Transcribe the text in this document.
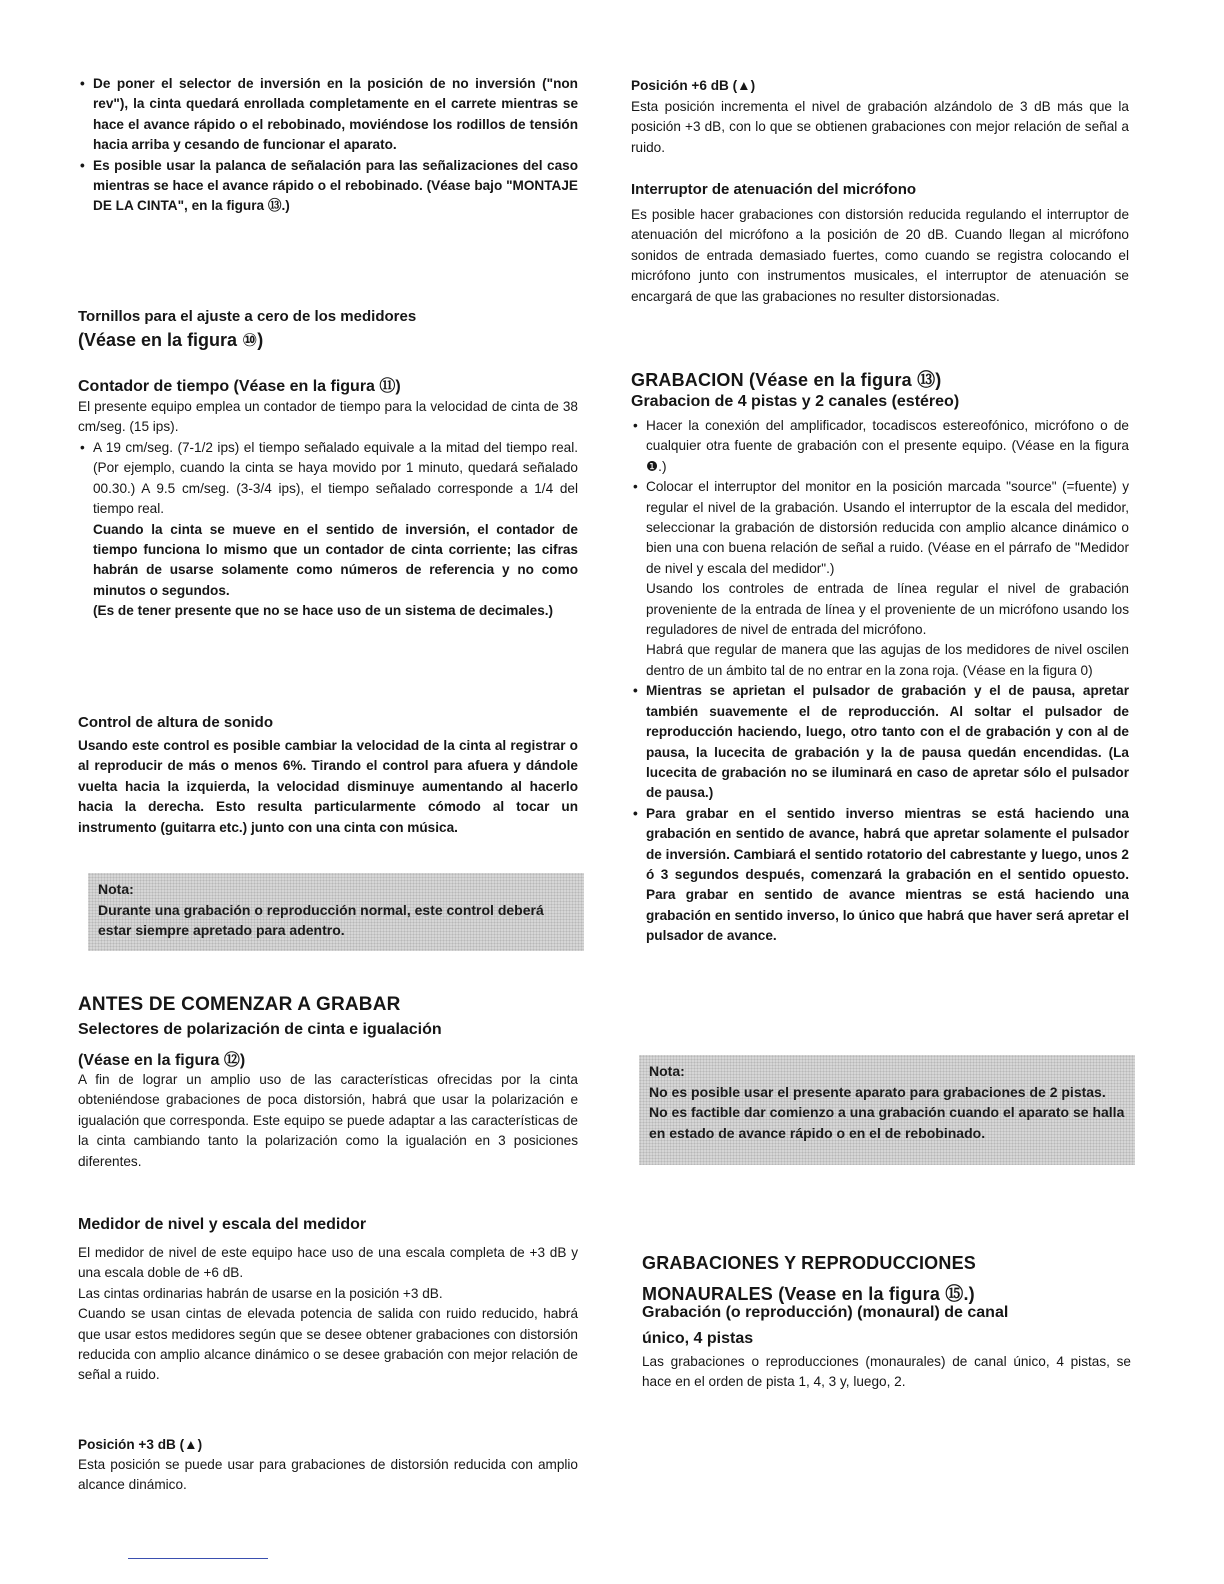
• De poner el selector de inversión en la posición de no inversión ("non rev"), la cinta quedará enrollada completamente en el carrete mientras se hace el avance rápido o el rebobinado, moviéndose los rodillos de tensión hacia arriba y cesando de funcionar el aparato.
• Es posible usar la palanca de señalación para las señalizaciones del caso mientras se hace el avance rápido o el rebobinado. (Véase bajo "MONTAJE DE LA CINTA", en la figura ⑬.)
Tornillos para el ajuste a cero de los medidores
(Véase en la figura ⑩)
Contador de tiempo (Véase en la figura ⑪)

El presente equipo emplea un contador de tiempo para la velocidad de cinta de 38 cm/seg. (15 ips).

• A 19 cm/seg. (7-1/2 ips) el tiempo señalado equivale a la mitad del tiempo real. (Por ejemplo, cuando la cinta se haya movido por 1 minuto, quedará señalado 00.30.) A 9.5 cm/seg. (3-3/4 ips), el tiempo señalado corresponde a 1/4 del tiempo real.
Cuando la cinta se mueve en el sentido de inversión, el contador de tiempo funciona lo mismo que un contador de cinta corriente; las cifras habrán de usarse solamente como números de referencia y no como minutos o segundos.
(Es de tener presente que no se hace uso de un sistema de decimales.)
Control de altura de sonido

Usando este control es posible cambiar la velocidad de la cinta al registrar o al reproducir de más o menos 6%. Tirando el control para afuera y dándole vuelta hacia la izquierda, la velocidad disminuye aumentando al hacerlo hacia la derecha. Esto resulta particularmente cómodo al tocar un instrumento (guitarra etc.) junto con una cinta con música.

Nota:
Durante una grabación o reproducción normal, este control deberá estar siempre apretado para adentro.
ANTES DE COMENZAR A GRABAR
Selectores de polarización de cinta e igualación
(Véase en la figura ⑫)

A fin de lograr un amplio uso de las características ofrecidas por la cinta obteniéndose grabaciones de poca distorsión, habrá que usar la polarización e igualación que corresponda. Este equipo se puede adaptar a las características de la cinta cambiando tanto la polarización como la igualación en 3 posiciones diferentes.

Medidor de nivel y escala del medidor

El medidor de nivel de este equipo hace uso de una escala completa de +3 dB y una escala doble de +6 dB.
Las cintas ordinarias habrán de usarse en la posición +3 dB.
Cuando se usan cintas de elevada potencia de salida con ruido reducido, habrá que usar estos medidores según que se desee obtener grabaciones con distorsión reducida con amplio alcance dinámico o se desee grabación con mejor relación de señal a ruido.

Posición +3 dB (▲)

Esta posición se puede usar para grabaciones de distorsión reducida con amplio alcance dinámico.

Posición +6 dB (▲)

Esta posición incrementa el nivel de grabación alzándolo de 3 dB más que la posición +3 dB, con lo que se obtienen grabaciones con mejor relación de señal a ruido.

Interruptor de atenuación del micrófono

Es posible hacer grabaciones con distorsión reducida regulando el interruptor de atenuación del micrófono a la posición de 20 dB. Cuando llegan al micrófono sonidos de entrada demasiado fuertes, como cuando se registra colocando el micrófono junto con instrumentos musicales, el interruptor de atenuación se encargará de que las grabaciones no resulter distorsionadas.

GRABACION (Véase en la figura ⑬)
Grabacion de 4 pistas y 2 canales (estéreo)
• Hacer la conexión del amplificador, tocadiscos estereofónico, micrófono o de cualquier otra fuente de grabación con el presente equipo. (Véase en la figura ❶.)
• Colocar el interruptor del monitor en la posición marcada "source" (=fuente) y regular el nivel de la grabación. Usando el interruptor de la escala del medidor, seleccionar la grabación de distorsión reducida con amplio alcance dinámico o bien una con buena relación de señal a ruido. (Véase en el párrafo de "Medidor de nivel y escala del medidor".)
Usando los controles de entrada de línea regular el nivel de grabación proveniente de la entrada de línea y el proveniente de un micrófono usando los reguladores de nivel de entrada del micrófono.
Habrá que regular de manera que las agujas de los medidores de nivel oscilen dentro de un ámbito tal de no entrar en la zona roja. (Véase en la figura 0)
• Mientras se aprietan el pulsador de grabación y el de pausa, apretar también suavemente el de reproducción. Al soltar el pulsador de reproducción haciendo, luego, otro tanto con el de grabación y con al de pausa, la lucecita de grabación y la de pausa quedán encendidas. (La lucecita de grabación no se iluminará en caso de apretar sólo el pulsador de pausa.)
• Para grabar en el sentido inverso mientras se está haciendo una grabación en sentido de avance, habrá que apretar solamente el pulsador de inversión. Cambiará el sentido rotatorio del cabrestante y luego, unos 2 ó 3 segundos después, comenzará la grabación en el sentido opuesto. Para grabar en sentido de avance mientras se está haciendo una grabación en sentido inverso, lo único que habrá que haver será apretar el pulsador de avance.
Nota:
No es posible usar el presente aparato para grabaciones de 2 pistas. No es factible dar comienzo a una grabación cuando el aparato se halla en estado de avance rápido o en el de rebobinado.
GRABACIONES Y REPRODUCCIONES
MONAURALES (Vease en la figura ⑮.)
Grabación (o reproducción) (monaural) de canal
único, 4 pistas

Las grabaciones o reproducciones (monaurales) de canal único, 4 pistas, se hace en el orden de pista 1, 4, 3 y, luego, 2.
